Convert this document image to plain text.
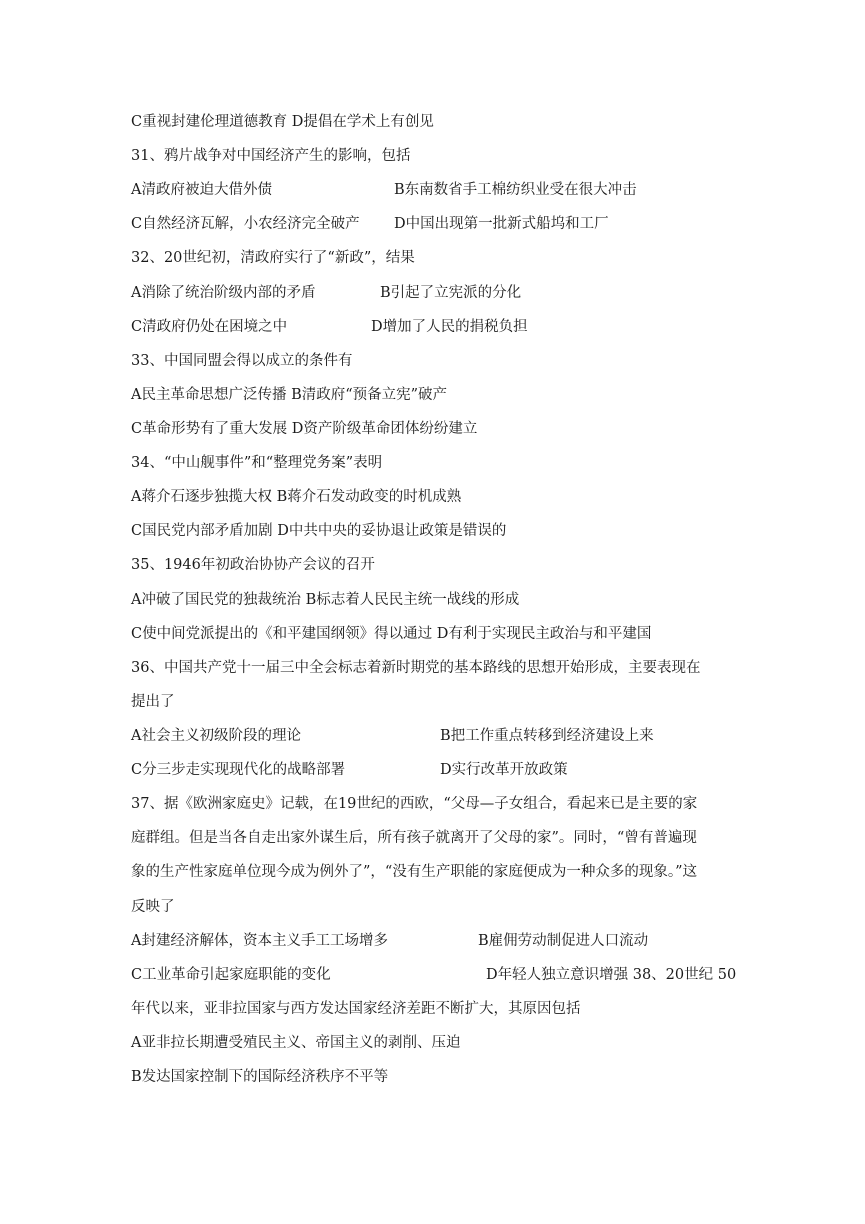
C重视封建伦理道德教育 D提倡在学术上有创见
31、鸦片战争对中国经济产生的影响，包括
A清政府被迫大借外债	B东南数省手工棉纺织业受在很大冲击
C自然经济瓦解，小农经济完全破产 D中国出现第一批新式船坞和工厂
32、20世纪初，清政府实行了“新政”，结果
A消除了统治阶级内部的矛盾	B引起了立宪派的分化
C清政府仍处在困境之中	D增加了人民的捐税负担
33、中国同盟会得以成立的条件有
A民主革命思想广泛传播 B清政府“预备立宪”破产
C革命形势有了重大发展 D资产阶级革命团体纷纷建立
34、“中山舰事件”和“整理党务案”表明
A蒋介石逐步独揽大权 B蒋介石发动政变的时机成熟
C国民党内部矛盾加剧 D中共中央的妥协退让政策是错误的
35、1946年初政治协协产会议的召开
A冲破了国民党的独裁统治 B标志着人民民主统一战线的形成
C使中间党派提出的《和平建国纲领》得以通过 D有利于实现民主政治与和平建国
36、中国共产党十一届三中全会标志着新时期党的基本路线的思想开始形成，主要表现在
提出了
A社会主义初级阶段的理论	B把工作重点转移到经济建设上来
C分三步走实现现代化的战略部署	D实行改革开放政策
37、据《欧洲家庭史》记载，在19世纪的西欧，“父母—子女组合，看起来已是主要的家
庭群组。但是当各自走出家外谋生后，所有孩子就离开了父母的家”。同时，“曾有普遍现
象的生产性家庭单位现今成为例外了”，“没有生产职能的家庭便成为一种众多的现象。”这
反映了
A封建经济解体，资本主义手工工场增多	B雇佣劳动制促进人口流动
C工业革命引起家庭职能的变化	D年轻人独立意识增强 38、20世纪 50
年代以来，亚非拉国家与西方发达国家经济差距不断扩大，其原因包括
A亚非拉长期遭受殖民主义、帝国主义的剥削、压迫
B发达国家控制下的国际经济秩序不平等
